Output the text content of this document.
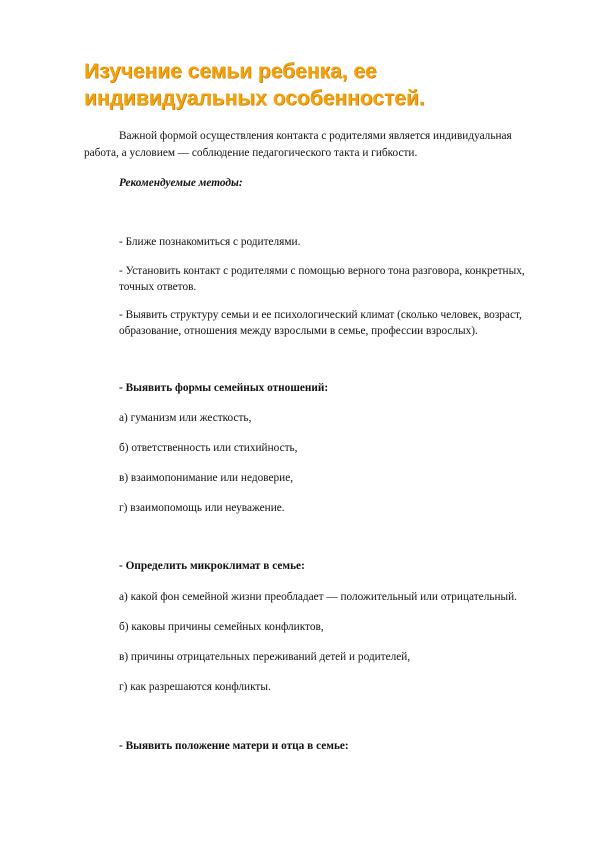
Изучение семьи ребенка, ее
индивидуальных особенностей.
Важной формой осуществления контакта с родителями является индивидуальная
работа, а условием — соблюдение педагогического такта и гибкости.
Рекомендуемые методы:
- Ближе познакомиться с родителями.
- Установить контакт с родителями с помощью верного тона разговора, конкретных,
точных ответов.
- Выявить структуру семьи и ее психологический климат (сколько человек, возраст,
образование, отношения между взрослыми в семье, профессии взрослых).
- Выявить формы семейных отношений:
а) гуманизм или жесткость,
б) ответственность или стихийность,
в) взаимопонимание или недоверие,
г) взаимопомощь или неуважение.
- Определить микроклимат в семье:
а) какой фон семейной жизни преобладает — положительный или отрицательный.
б) каковы причины семейных конфликтов,
в) причины отрицательных переживаний детей и родителей,
г) как разрешаются конфликты.
- Выявить положение матери и отца в семье:
